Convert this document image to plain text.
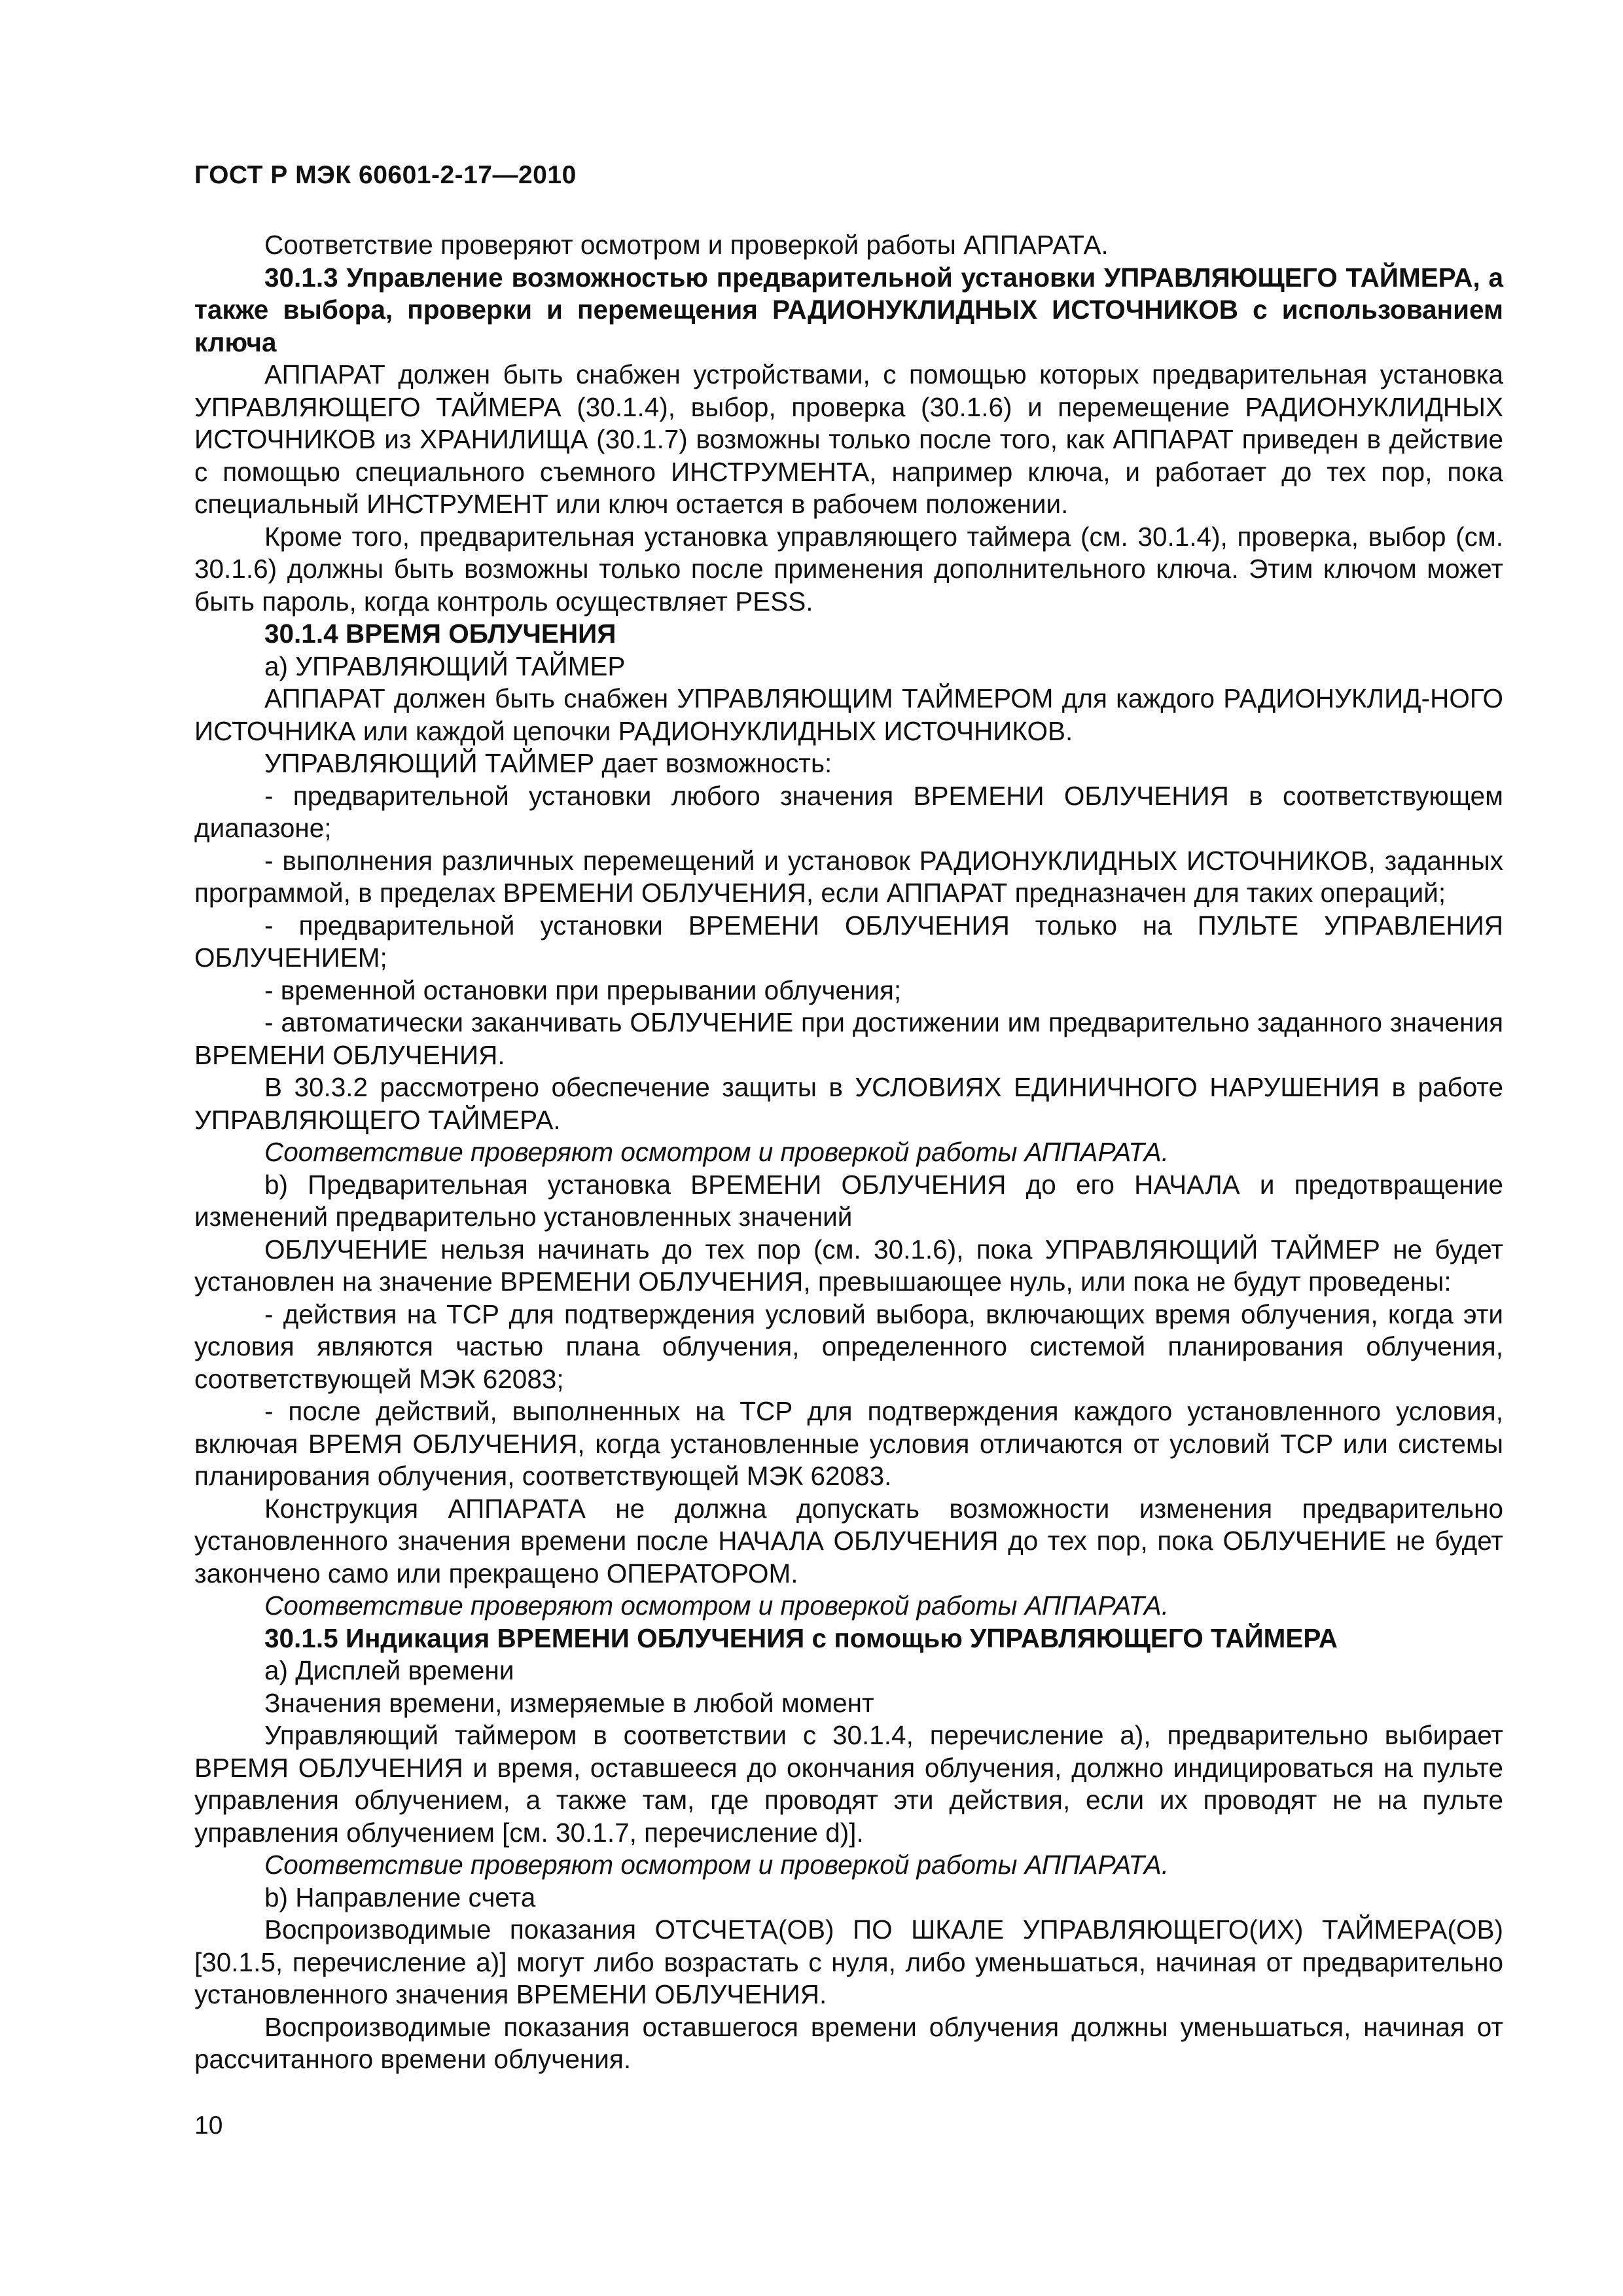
ГОСТ Р МЭК 60601-2-17—2010

Соответствие проверяют осмотром и проверкой работы АППАРАТА.

30.1.3 Управление возможностью предварительной установки УПРАВЛЯЮЩЕГО ТАЙМЕРА, а также выбора, проверки и перемещения РАДИОНУКЛИДНЫХ ИСТОЧНИКОВ с использованием ключа

АППАРАТ должен быть снабжен устройствами, с помощью которых предварительная установка УПРАВЛЯЮЩЕГО ТАЙМЕРА (30.1.4), выбор, проверка (30.1.6) и перемещение РАДИОНУКЛИДНЫХ ИСТОЧНИКОВ из ХРАНИЛИЩА (30.1.7) возможны только после того, как АППАРАТ приведен в действие с помощью специального съемного ИНСТРУМЕНТА, например ключа, и работает до тех пор, пока специальный ИНСТРУМЕНТ или ключ остается в рабочем положении.

Кроме того, предварительная установка управляющего таймера (см. 30.1.4), проверка, выбор (см. 30.1.6) должны быть возможны только после применения дополнительного ключа. Этим ключом может быть пароль, когда контроль осуществляет PESS.

30.1.4 ВРЕМЯ ОБЛУЧЕНИЯ

а) УПРАВЛЯЮЩИЙ ТАЙМЕР

АППАРАТ должен быть снабжен УПРАВЛЯЮЩИМ ТАЙМЕРОМ для каждого РАДИОНУКЛИД-НОГО ИСТОЧНИКА или каждой цепочки РАДИОНУКЛИДНЫХ ИСТОЧНИКОВ.

УПРАВЛЯЮЩИЙ ТАЙМЕР дает возможность:

- предварительной установки любого значения ВРЕМЕНИ ОБЛУЧЕНИЯ в соответствующем диапазоне;

- выполнения различных перемещений и установок РАДИОНУКЛИДНЫХ ИСТОЧНИКОВ, заданных программой, в пределах ВРЕМЕНИ ОБЛУЧЕНИЯ, если АППАРАТ предназначен для таких операций;

- предварительной установки ВРЕМЕНИ ОБЛУЧЕНИЯ только на ПУЛЬТЕ УПРАВЛЕНИЯ ОБЛУЧЕНИЕМ;

- временной остановки при прерывании облучения;

- автоматически заканчивать ОБЛУЧЕНИЕ при достижении им предварительно заданного значения ВРЕМЕНИ ОБЛУЧЕНИЯ.

В 30.3.2 рассмотрено обеспечение защиты в УСЛОВИЯХ ЕДИНИЧНОГО НАРУШЕНИЯ в работе УПРАВЛЯЮЩЕГО ТАЙМЕРА.

Соответствие проверяют осмотром и проверкой работы АППАРАТА.

b) Предварительная установка ВРЕМЕНИ ОБЛУЧЕНИЯ до его НАЧАЛА и предотвращение изменений предварительно установленных значений

ОБЛУЧЕНИЕ нельзя начинать до тех пор (см. 30.1.6), пока УПРАВЛЯЮЩИЙ ТАЙМЕР не будет установлен на значение ВРЕМЕНИ ОБЛУЧЕНИЯ, превышающее нуль, или пока не будут проведены:

- действия на TCP для подтверждения условий выбора, включающих время облучения, когда эти условия являются частью плана облучения, определенного системой планирования облучения, соответствующей МЭК 62083;

- после действий, выполненных на TCP для подтверждения каждого установленного условия, включая ВРЕМЯ ОБЛУЧЕНИЯ, когда установленные условия отличаются от условий TCP или системы планирования облучения, соответствующей МЭК 62083.

Конструкция АППАРАТА не должна допускать возможности изменения предварительно установленного значения времени после НАЧАЛА ОБЛУЧЕНИЯ до тех пор, пока ОБЛУЧЕНИЕ не будет закончено само или прекращено ОПЕРАТОРОМ.

Соответствие проверяют осмотром и проверкой работы АППАРАТА.

30.1.5 Индикация ВРЕМЕНИ ОБЛУЧЕНИЯ с помощью УПРАВЛЯЮЩЕГО ТАЙМЕРА

а) Дисплей времени

Значения времени, измеряемые в любой момент

Управляющий таймером в соответствии с 30.1.4, перечисление а), предварительно выбирает ВРЕМЯ ОБЛУЧЕНИЯ и время, оставшееся до окончания облучения, должно индицироваться на пульте управления облучением, а также там, где проводят эти действия, если их проводят не на пульте управления облучением [см. 30.1.7, перечисление d)].

Соответствие проверяют осмотром и проверкой работы АППАРАТА.

b) Направление счета

Воспроизводимые показания ОТСЧЕТА(ОВ) ПО ШКАЛЕ УПРАВЛЯЮЩЕГО(ИХ) ТАЙМЕРА(ОВ) [30.1.5, перечисление а)] могут либо возрастать с нуля, либо уменьшаться, начиная от предварительно установленного значения ВРЕМЕНИ ОБЛУЧЕНИЯ.

Воспроизводимые показания оставшегося времени облучения должны уменьшаться, начиная от рассчитанного времени облучения.

10
